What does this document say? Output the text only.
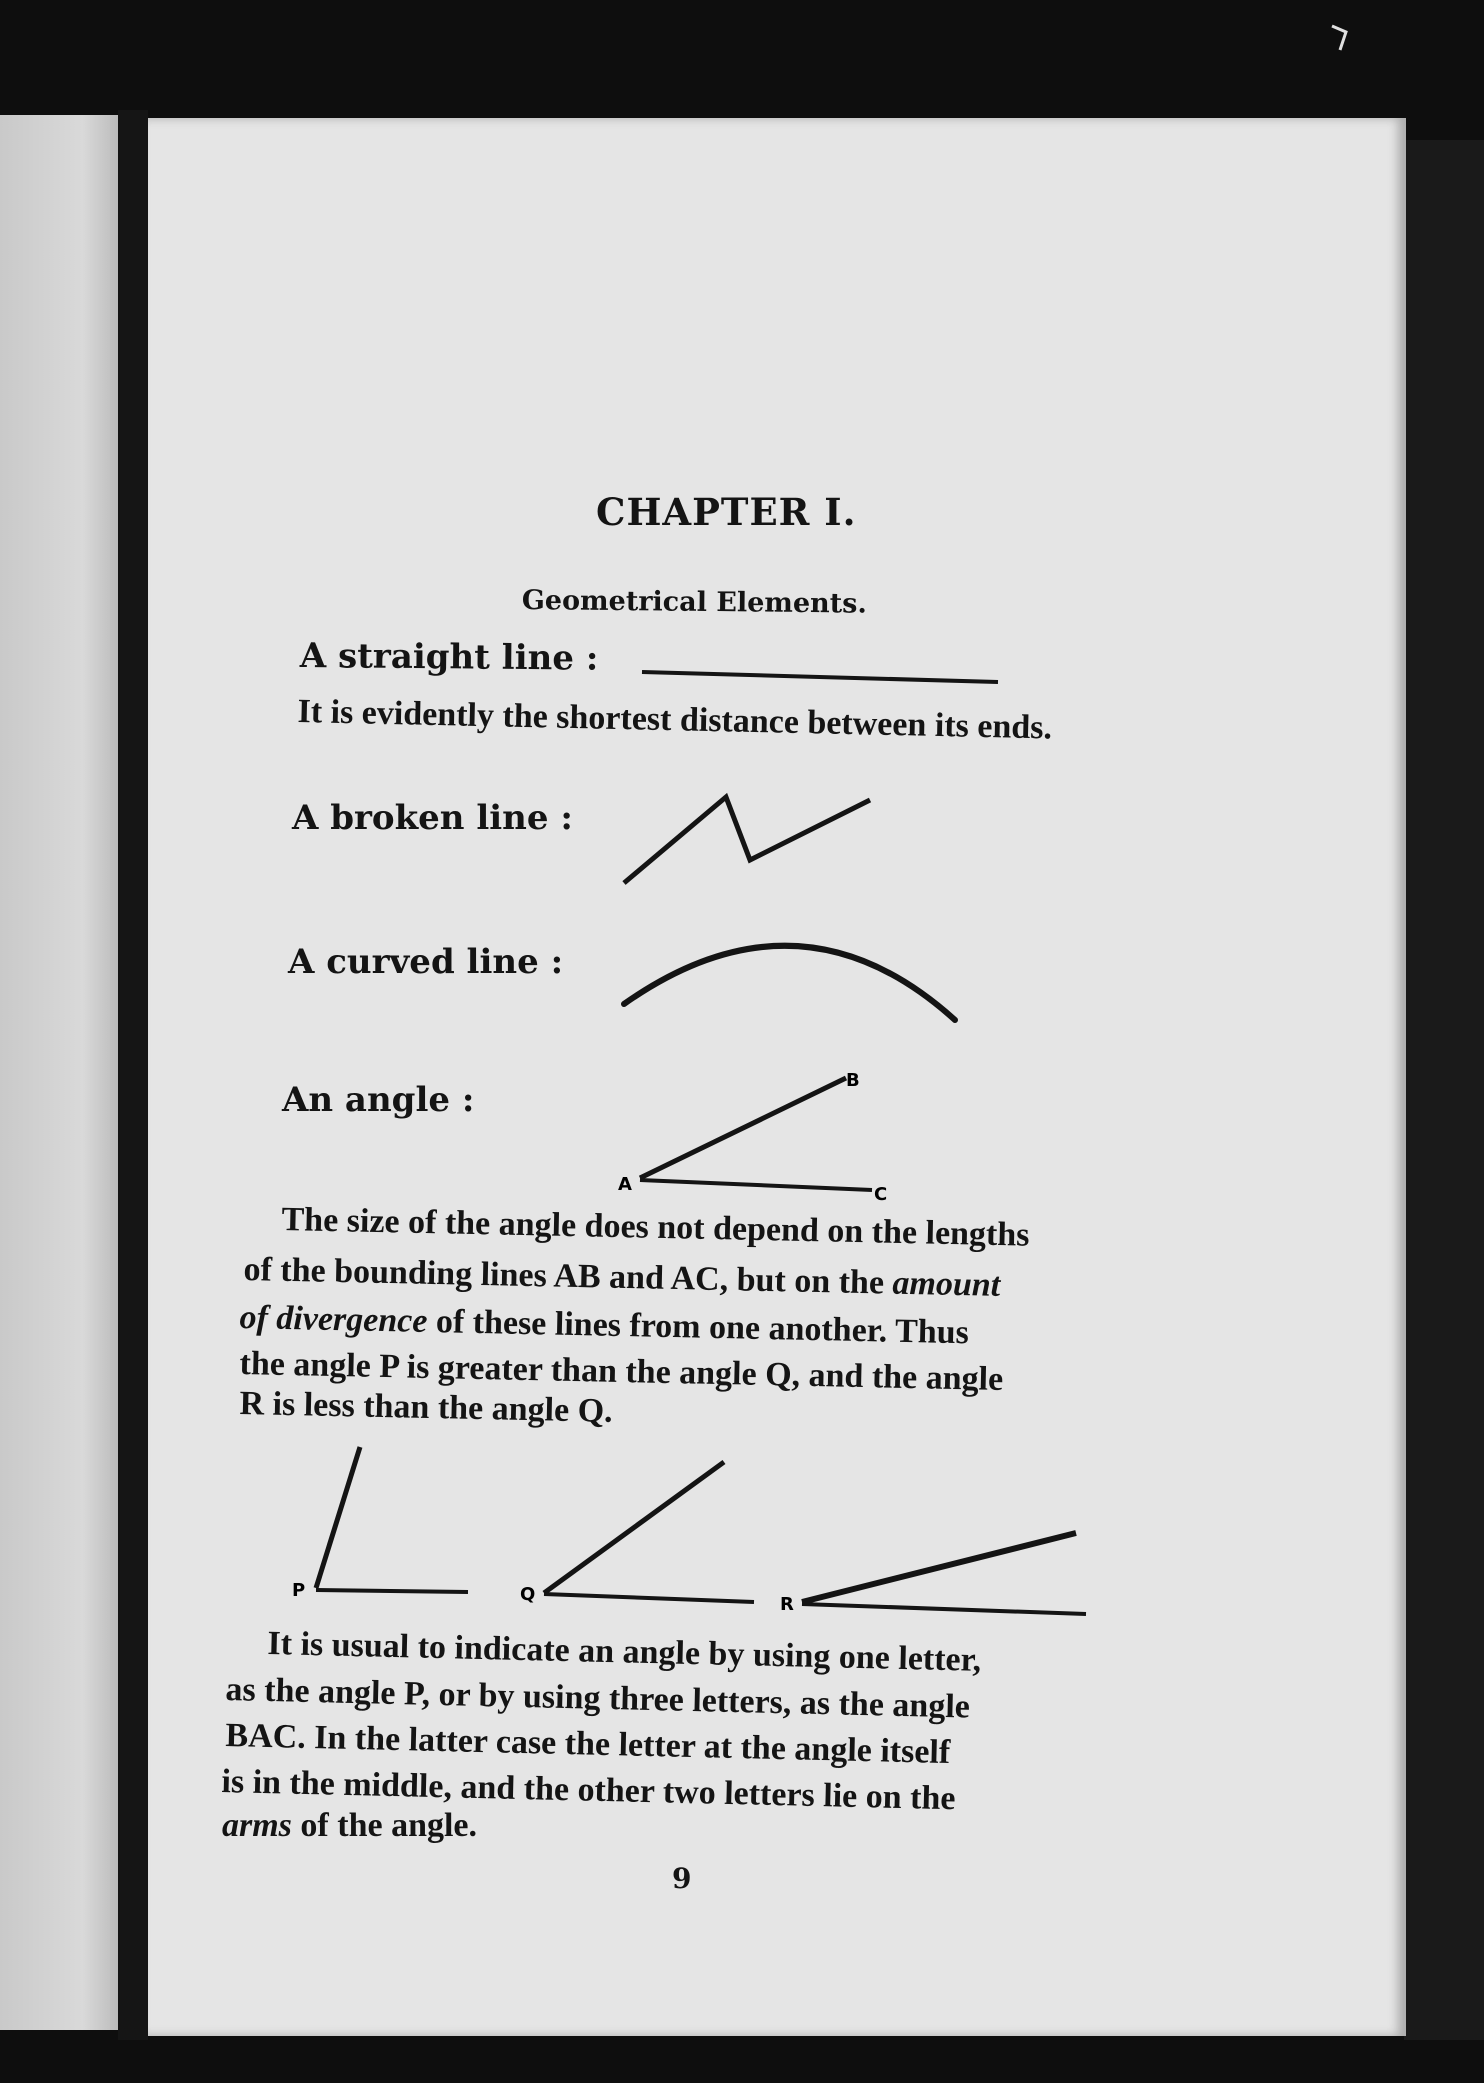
CHAPTER I.
Geometrical Elements.
A straight line :
It is evidently the shortest distance between its ends.
A broken line :
A curved line :
An angle :
A
B
C
P	Q	R
The size of the angle does not depend on the lengths
of the bounding lines AB and AC, but on the amount
of divergence of these lines from one another. Thus
the angle P is greater than the angle Q, and the angle
R is less than the angle Q.
It is usual to indicate an angle by using one letter,
as the angle P, or by using three letters, as the angle
BAC. In the latter case the letter at the angle itself
is in the middle, and the other two letters lie on the
arms of the angle.
9
